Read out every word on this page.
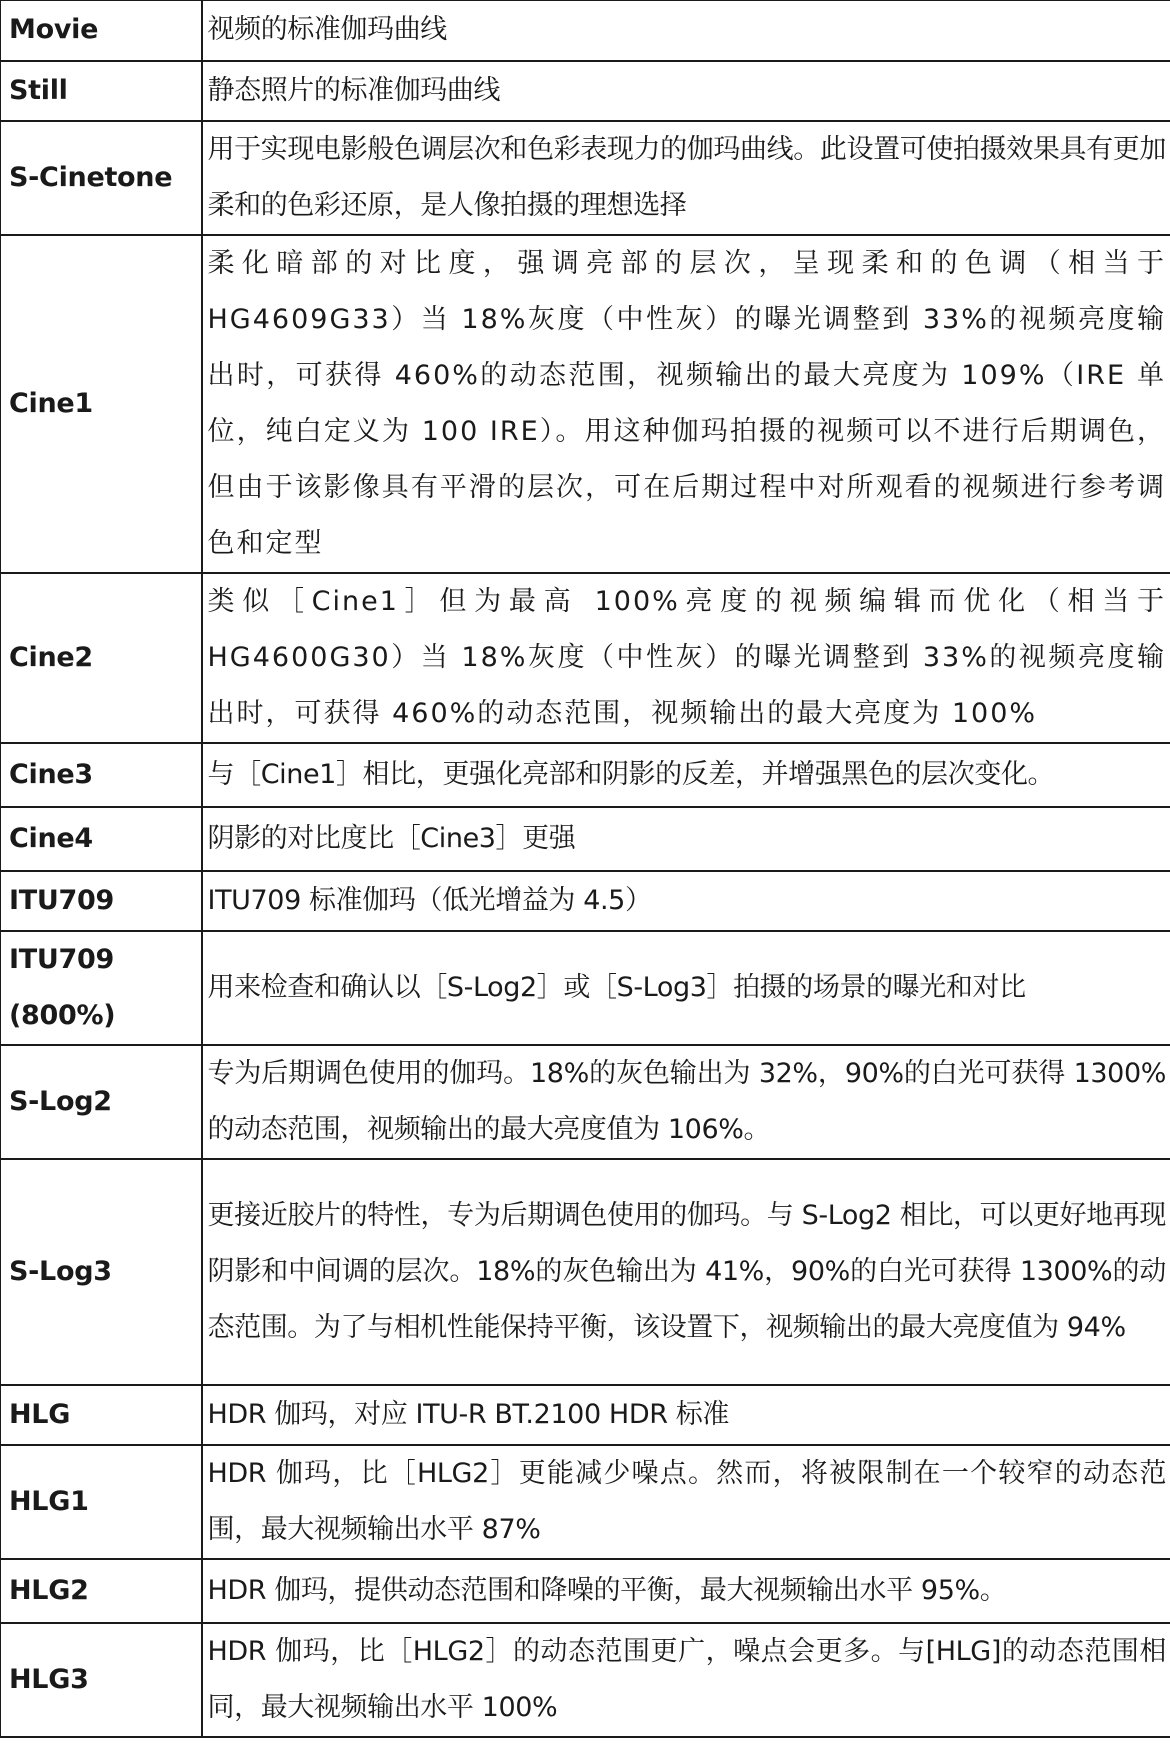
Movie	视频的标准伽玛曲线
Still	静态照片的标准伽玛曲线
S-Cinetone	用于实现电影般色调层次和色彩表现力的伽玛曲线。此设置可使拍摄效果具有更加柔和的色彩还原，是人像拍摄的理想选择
Cine1	柔化暗部的对比度，强调亮部的层次，呈现柔和的色调（相当于HG4609G33）当 18%灰度（中性灰）的曝光调整到 33%的视频亮度输出时，可获得 460%的动态范围，视频输出的最大亮度为 109%（IRE 单位，纯白定义为 100 IRE）。用这种伽玛拍摄的视频可以不进行后期调色，但由于该影像具有平滑的层次，可在后期过程中对所观看的视频进行参考调色和定型
Cine2	类似［Cine1］但为最高 100%亮度的视频编辑而优化（相当于HG4600G30）当 18%灰度（中性灰）的曝光调整到 33%的视频亮度输出时，可获得 460%的动态范围，视频输出的最大亮度为 100%
Cine3	与［Cine1］相比，更强化亮部和阴影的反差，并增强黑色的层次变化。
Cine4	阴影的对比度比［Cine3］更强
ITU709	ITU709 标准伽玛（低光增益为 4.5）
ITU709 (800%)	用来检查和确认以［S-Log2］或［S-Log3］拍摄的场景的曝光和对比
S-Log2	专为后期调色使用的伽玛。18%的灰色输出为 32%，90%的白光可获得 1300%的动态范围，视频输出的最大亮度值为 106%。
S-Log3	更接近胶片的特性，专为后期调色使用的伽玛。与 S-Log2 相比，可以更好地再现阴影和中间调的层次。18%的灰色输出为 41%，90%的白光可获得 1300%的动态范围。为了与相机性能保持平衡，该设置下，视频输出的最大亮度值为 94%
HLG	HDR 伽玛，对应 ITU-R BT.2100 HDR 标准
HLG1	HDR 伽玛，比［HLG2］更能减少噪点。然而，将被限制在一个较窄的动态范围，最大视频输出水平 87%
HLG2	HDR 伽玛，提供动态范围和降噪的平衡，最大视频输出水平 95%。
HLG3	HDR 伽玛，比［HLG2］的动态范围更广，噪点会更多。与[HLG]的动态范围相同，最大视频输出水平 100%
